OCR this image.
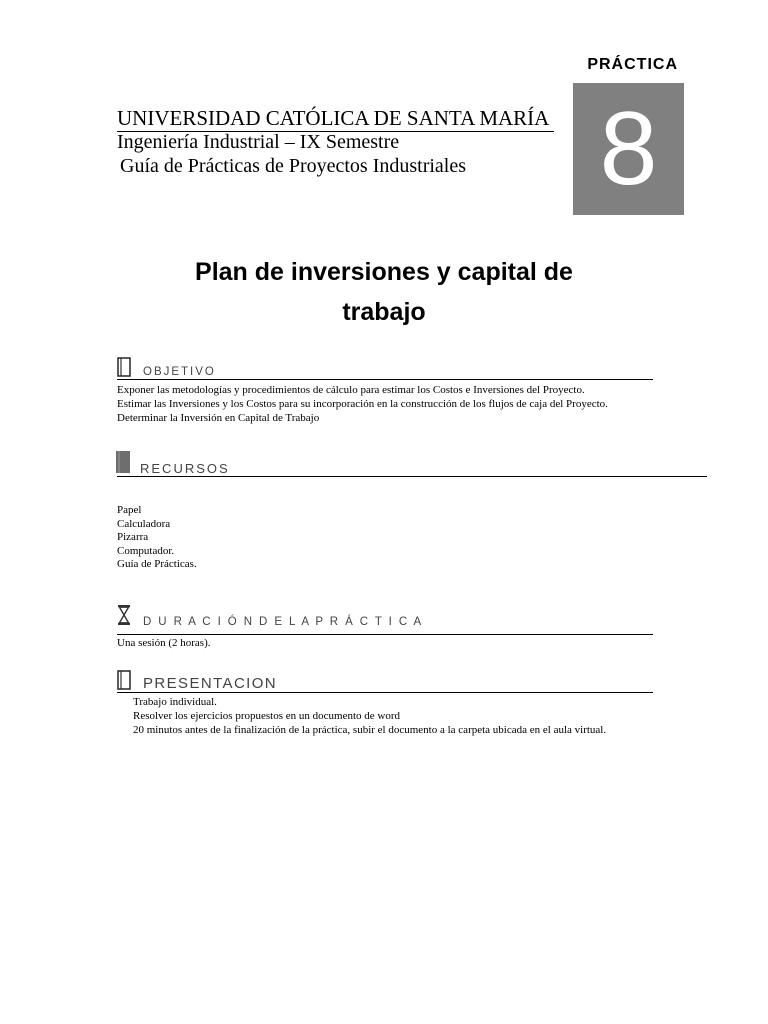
PRÁCTICA
8
UNIVERSIDAD CATÓLICA DE SANTA MARÍA
Ingeniería Industrial – IX Semestre
Guía de Prácticas de Proyectos Industriales
Plan de inversiones y capital de
trabajo
OBJETIVO
Exponer las metodologías y procedimientos de cálculo para estimar los Costos e Inversiones del Proyecto.
Estimar las Inversiones y los Costos para su incorporación en la construcción de los flujos de caja del Proyecto.
Determinar la Inversión en Capital de Trabajo
RECURSOS
Papel
Calculadora
Pizarra
Computador.
Guía de Prácticas.
D U R A C I Ó N D E L A P R Á C T I C A
Una sesión (2 horas).
PRESENTACION
Trabajo individual.
Resolver los ejercicios propuestos en un documento de word
20 minutos antes de la finalización de la práctica, subir el documento a la carpeta ubicada en el aula virtual.
